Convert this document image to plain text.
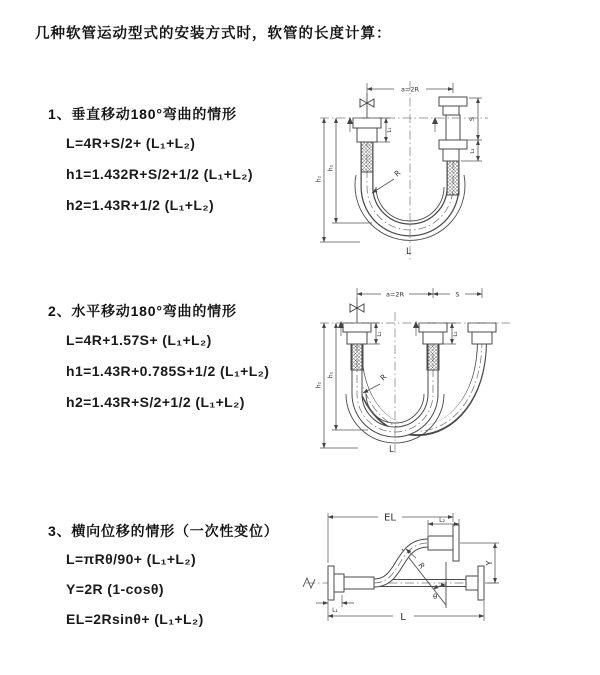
几种软管运动型式的安装方式时，软管的长度计算：
1、垂直移动180°弯曲的情形
L=4R+S/2+ (L₁+L₂)
h1=1.432R+S/2+1/2 (L₁+L₂)
h2=1.43R+1/2 (L₁+L₂)
2、水平移动180°弯曲的情形
L=4R+1.57S+ (L₁+L₂)
h1=1.43R+0.785S+1/2 (L₁+L₂)
h2=1.43R+S/2+1/2 (L₁+L₂)
3、横向位移的情形（一次性变位）
L=πRθ/90+ (L₁+L₂)
Y=2R (1-cosθ)
EL=2Rsinθ+ (L₁+L₂)
a=2R
S
L₂
L₁
h₁
h₂
R
L
a=2R	S
h₁
h₂
L₁	L₂
R
L
θ
EL	L₂
Y
L
L₁
R
